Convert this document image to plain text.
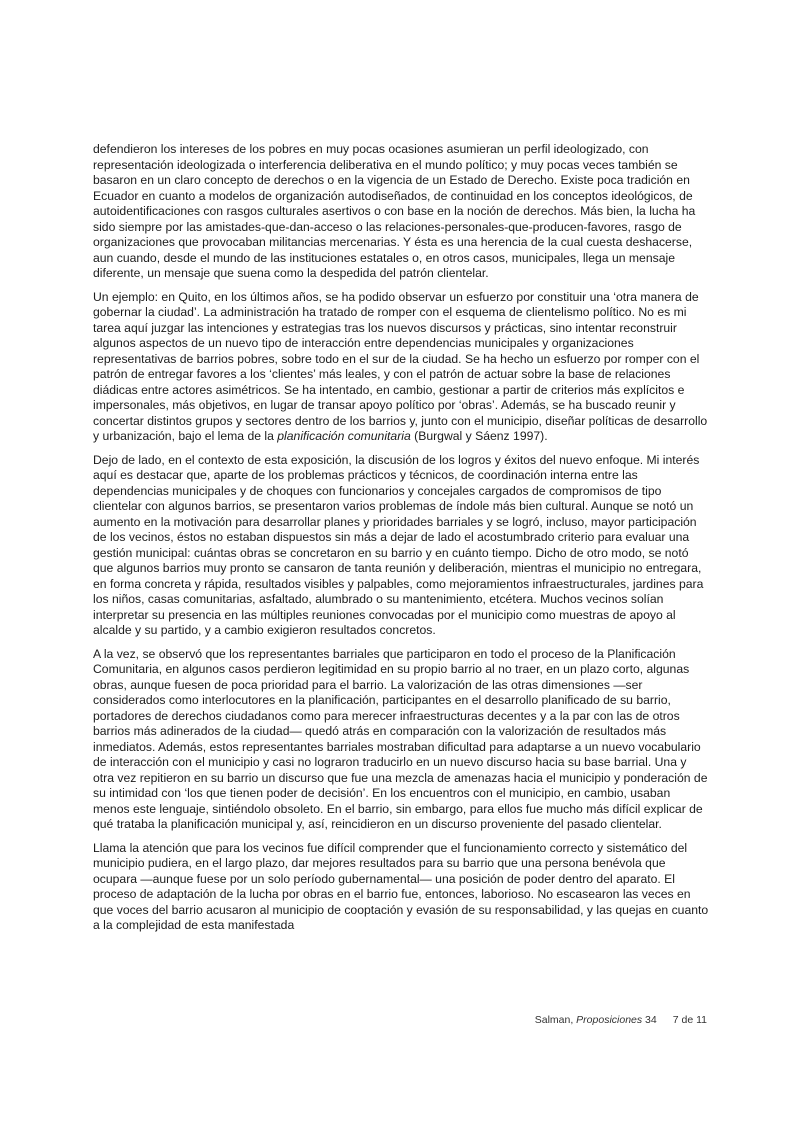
defendieron los intereses de los pobres en muy pocas ocasiones asumieran un perfil ideologizado, con representación ideologizada o interferencia deliberativa en el mundo político; y muy pocas veces también se basaron en un claro concepto de derechos o en la vigencia de un Estado de Derecho. Existe poca tradición en Ecuador en cuanto a modelos de organización autodiseñados, de continuidad en los conceptos ideológicos, de autoidentificaciones con rasgos culturales asertivos o con base en la noción de derechos. Más bien, la lucha ha sido siempre por las amistades-que-dan-acceso o las relaciones-personales-que-producen-favores, rasgo de organizaciones que provocaban militancias mercenarias. Y ésta es una herencia de la cual cuesta deshacerse, aun cuando, desde el mundo de las instituciones estatales o, en otros casos, municipales, llega un mensaje diferente, un mensaje que suena como la despedida del patrón clientelar.

Un ejemplo: en Quito, en los últimos años, se ha podido observar un esfuerzo por constituir una ‘otra manera de gobernar la ciudad’. La administración ha tratado de romper con el esquema de clientelismo político. No es mi tarea aquí juzgar las intenciones y estrategias tras los nuevos discursos y prácticas, sino intentar reconstruir algunos aspectos de un nuevo tipo de interacción entre dependencias municipales y organizaciones representativas de barrios pobres, sobre todo en el sur de la ciudad. Se ha hecho un esfuerzo por romper con el patrón de entregar favores a los ‘clientes’ más leales, y con el patrón de actuar sobre la base de relaciones diádicas entre actores asimétricos. Se ha intentado, en cambio, gestionar a partir de criterios más explícitos e impersonales, más objetivos, en lugar de transar apoyo político por ‘obras’. Además, se ha buscado reunir y concertar distintos grupos y sectores dentro de los barrios y, junto con el municipio, diseñar políticas de desarrollo y urbanización, bajo el lema de la planificación comunitaria (Burgwal y Sáenz 1997).

Dejo de lado, en el contexto de esta exposición, la discusión de los logros y éxitos del nuevo enfoque. Mi interés aquí es destacar que, aparte de los problemas prácticos y técnicos, de coordinación interna entre las dependencias municipales y de choques con funcionarios y concejales cargados de compromisos de tipo clientelar con algunos barrios, se presentaron varios problemas de índole más bien cultural. Aunque se notó un aumento en la motivación para desarrollar planes y prioridades barriales y se logró, incluso, mayor participación de los vecinos, éstos no estaban dispuestos sin más a dejar de lado el acostumbrado criterio para evaluar una gestión municipal: cuántas obras se concretaron en su barrio y en cuánto tiempo. Dicho de otro modo, se notó que algunos barrios muy pronto se cansaron de tanta reunión y deliberación, mientras el municipio no entregara, en forma concreta y rápida, resultados visibles y palpables, como mejoramientos infraestructurales, jardines para los niños, casas comunitarias, asfaltado, alumbrado o su mantenimiento, etcétera. Muchos vecinos solían interpretar su presencia en las múltiples reuniones convocadas por el municipio como muestras de apoyo al alcalde y su partido, y a cambio exigieron resultados concretos.

A la vez, se observó que los representantes barriales que participaron en todo el proceso de la Planificación Comunitaria, en algunos casos perdieron legitimidad en su propio barrio al no traer, en un plazo corto, algunas obras, aunque fuesen de poca prioridad para el barrio. La valorización de las otras dimensiones —ser considerados como interlocutores en la planificación, participantes en el desarrollo planificado de su barrio, portadores de derechos ciudadanos como para merecer infraestructuras decentes y a la par con las de otros barrios más adinerados de la ciudad— quedó atrás en comparación con la valorización de resultados más inmediatos. Además, estos representantes barriales mostraban dificultad para adaptarse a un nuevo vocabulario de interacción con el municipio y casi no lograron traducirlo en un nuevo discurso hacia su base barrial. Una y otra vez repitieron en su barrio un discurso que fue una mezcla de amenazas hacia el municipio y ponderación de su intimidad con ‘los que tienen poder de decisión’. En los encuentros con el municipio, en cambio, usaban menos este lenguaje, sintiéndolo obsoleto. En el barrio, sin embargo, para ellos fue mucho más difícil explicar de qué trataba la planificación municipal y, así, reincidieron en un discurso proveniente del pasado clientelar.

Llama la atención que para los vecinos fue difícil comprender que el funcionamiento correcto y sistemático del municipio pudiera, en el largo plazo, dar mejores resultados para su barrio que una persona benévola que ocupara —aunque fuese por un solo período gubernamental— una posición de poder dentro del aparato. El proceso de adaptación de la lucha por obras en el barrio fue, entonces, laborioso. No escasearon las veces en que voces del barrio acusaron al municipio de cooptación y evasión de su responsabilidad, y las quejas en cuanto a la complejidad de esta manifestada

Salman, Proposiciones 34 7 de 11
